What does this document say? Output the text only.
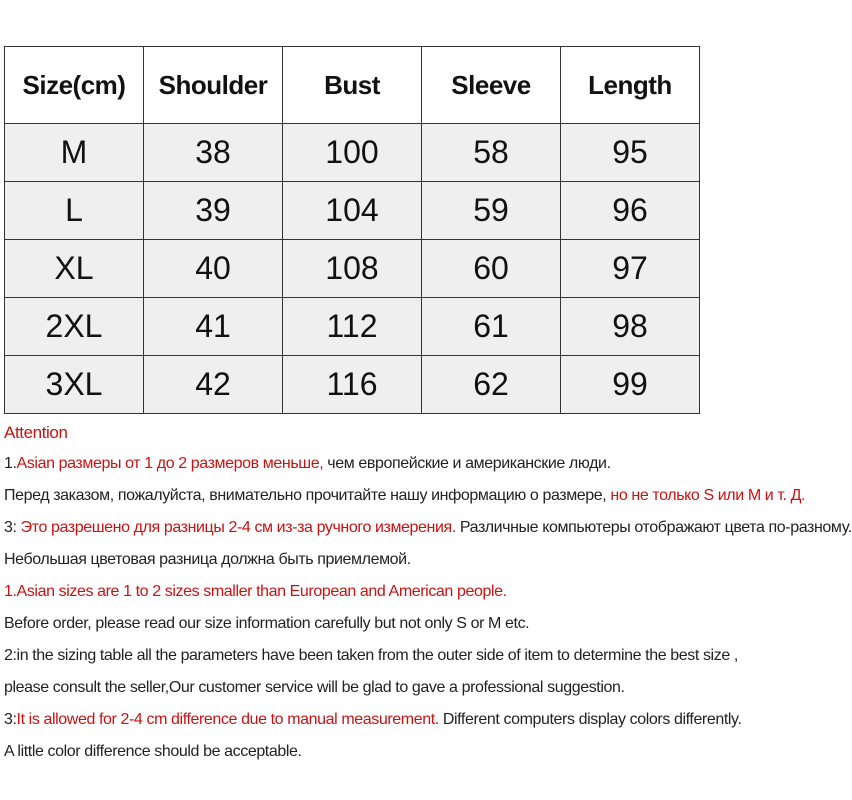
Size(cm)	Shoulder	Bust	Sleeve	Length
M	38	100	58	95
L	39	104	59	96
XL	40	108	60	97
2XL	41	112	61	98
3XL	42	116	62	99
Attention
1.Asian размеры от 1 до 2 размеров меньше, чем европейские и американские люди.
Перед заказом, пожалуйста, внимательно прочитайте нашу информацию о размере, но не только S или M и т. Д.
3: Это разрешено для разницы 2-4 см из-за ручного измерения. Различные компьютеры отображают цвета по-разному.
Небольшая цветовая разница должна быть приемлемой.
1.Asian sizes are 1 to 2 sizes smaller than European and American people.
Before order, please read our size information carefully but not only S or M etc.
2:in the sizing table all the parameters have been taken from the outer side of item to determine the best size ,
please consult the seller,Our customer service will be glad to gave a professional suggestion.
3:It is allowed for 2-4 cm difference due to manual measurement. Different computers display colors differently.
A little color difference should be acceptable.
